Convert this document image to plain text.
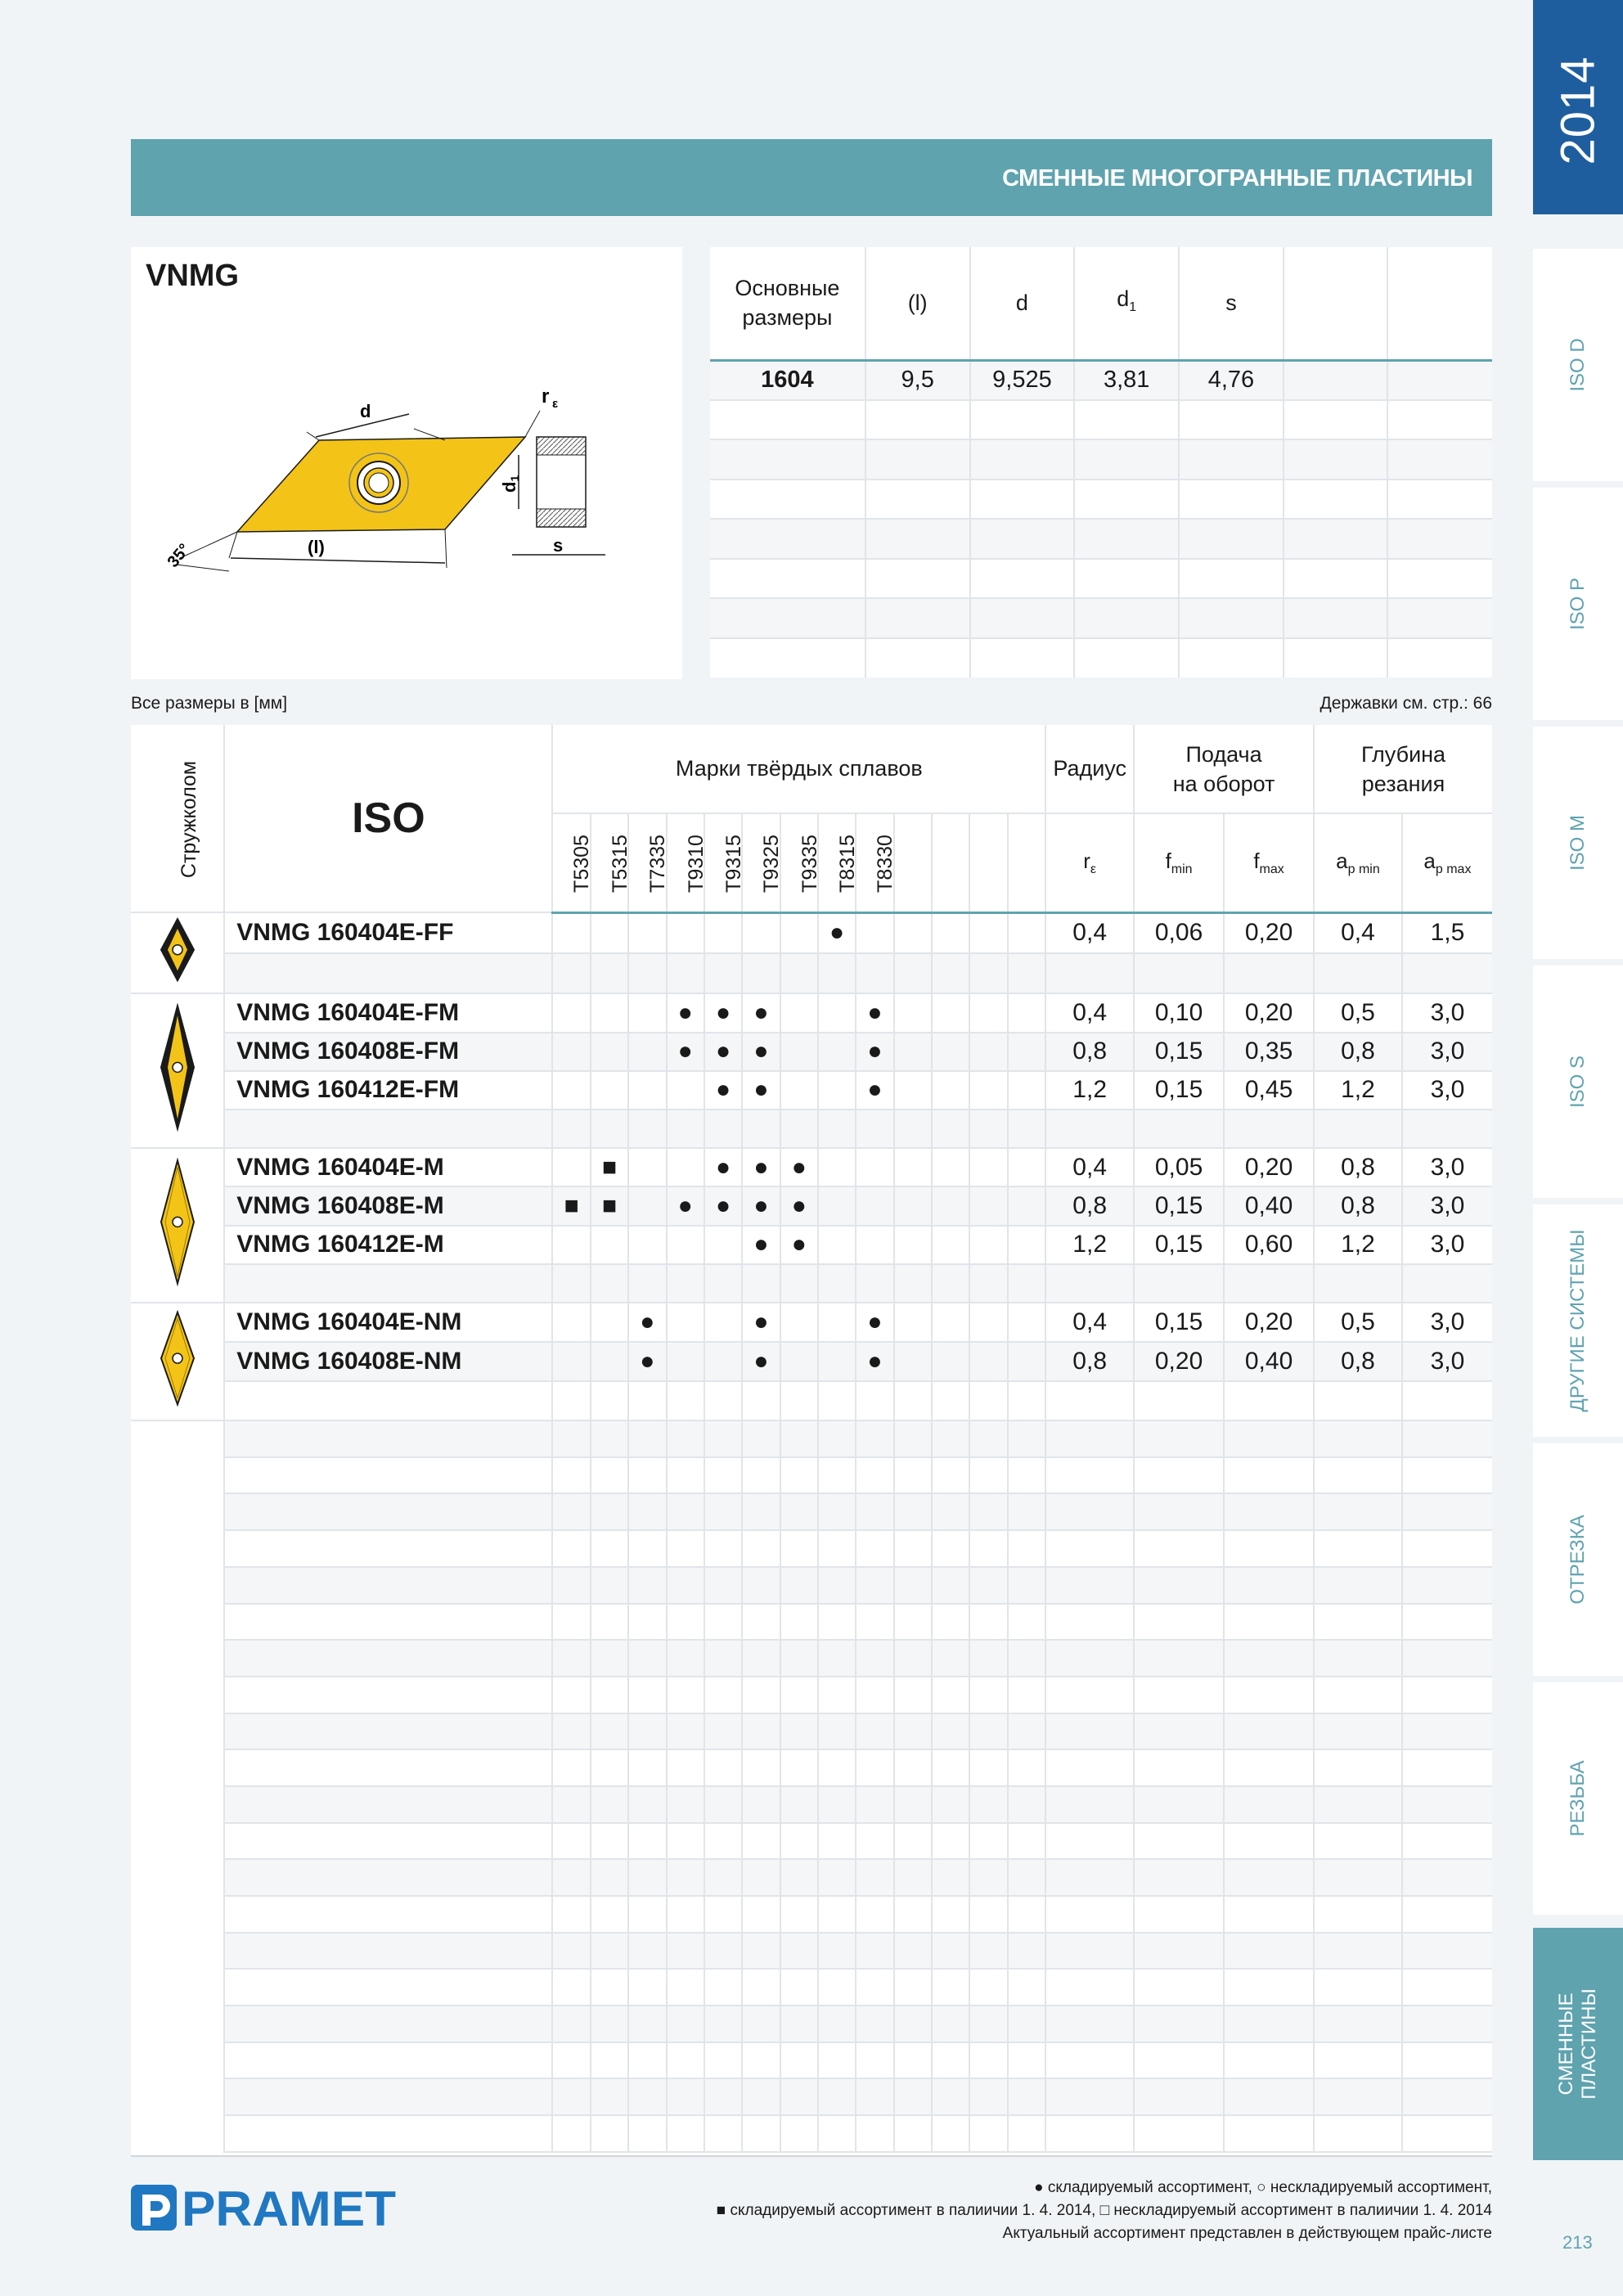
СМЕННЫЕ МНОГОГРАННЫЕ ПЛАСТИНЫ
2014
ISO D
ISO P
ISO M
ISO S
ДРУГИЕ СИСТЕМЫ
ОТРЕЗКА
РЕЗЬБА
СМЕННЫЕ ПЛАСТИНЫ
213
VNMG
d
(l)
35°
r ε
d1
s
Основные размеры	(l)	d	$d_1$	s		
1604	9,5	9,525	3,81	4,76		

Все размеры в [мм]	Державки см. стр.: 66
Стружколом	ISO	Марки твёрдых сплавов													Радиус	Подача на оборот		Глубина резания	
		T5305	T5315	T7335	T9310	T9315	T9325	T9335	T8315	T8330					$r_\varepsilon$	$f_{min}$	$f_{max}$	$a_{p min}$	$a_{p max}$
	VNMG 160404E-FF								●						0,4	0,06	0,20	0,4	1,5

	VNMG 160404E-FM				●	●	●			●					0,4	0,10	0,20	0,5	3,0
	VNMG 160408E-FM				●	●	●			●					0,8	0,15	0,35	0,8	3,0
	VNMG 160412E-FM					●	●			●					1,2	0,15	0,45	1,2	3,0

	VNMG 160404E-M		■			●	●	●							0,4	0,05	0,20	0,8	3,0
	VNMG 160408E-M	■	■		●	●	●	●							0,8	0,15	0,40	0,8	3,0
	VNMG 160412E-M						●	●							1,2	0,15	0,60	1,2	3,0

	VNMG 160404E-NM			●			●			●					0,4	0,15	0,20	0,5	3,0
	VNMG 160408E-NM			●			●			●					0,8	0,20	0,40	0,8	3,0

PRAMET	● складируемый ассортимент, ○ нескладируемый ассортимент,
■ складируемый ассортимент в палиичии 1. 4. 2014, □ нескладируемый ассортимент в палиичии 1. 4. 2014
Актуальный ассортимент представлен в действующем прайс-листе
